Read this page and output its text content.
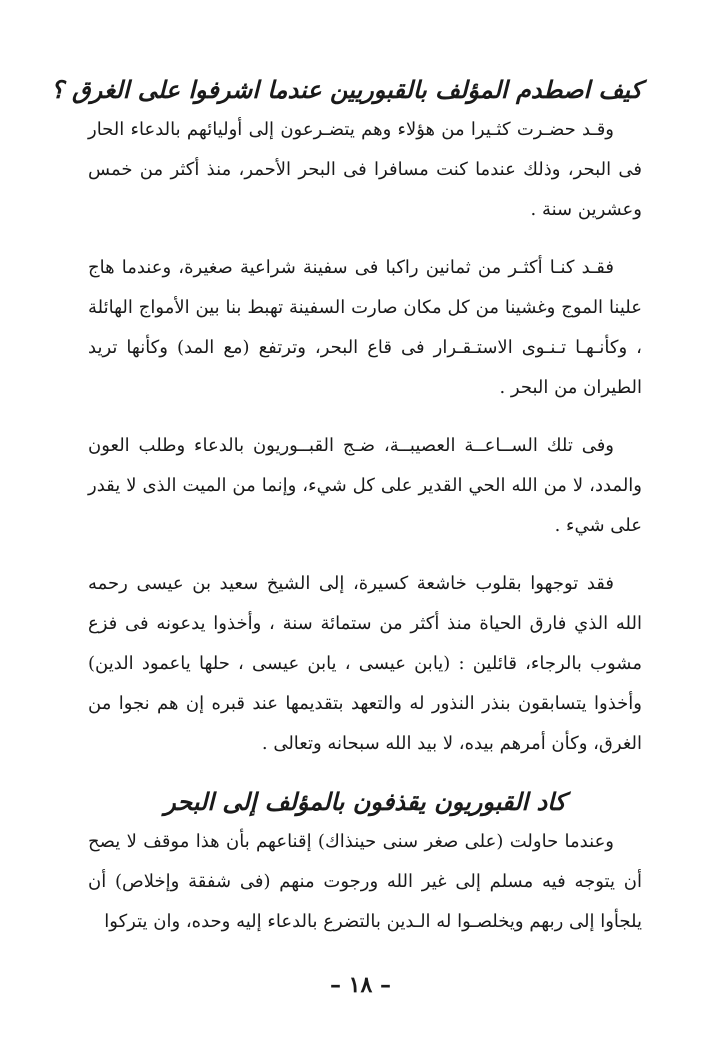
كيف اصطدم المؤلف بالقبوريين عندما اشرفوا على الغرق ؟

وقـد حضـرت كثـيرا من هؤلاء وهم يتضـرعون إلى أوليائهم بالدعاء الحار فى البحر، وذلك عندما كنت مسافرا فى البحر الأحمر، منذ أكثر من خمس وعشرين سنة .

فقـد كنـا أكثـر من ثمانين راكبا فى سفينة شراعية صغيرة، وعندما هاج علينا الموج وغشينا من كل مكان صارت السفينة تهبط بنا بين الأمواج الهائلة ، وكأنـهـا تـنـوى الاستـقـرار فى قاع البحر، وترتفع (مع المد) وكأنها تريد الطيران من البحر .

وفى تلك الســاعــة العصيبــة، ضـج القبــوريون بالدعاء وطلب العون والمدد، لا من الله الحي القدير على كل شيء، وإنما من الميت الذى لا يقدر على شيء .

فقد توجهوا بقلوب خاشعة كسيرة، إلى الشيخ سعيد بن عيسى رحمه الله الذي فارق الحياة منذ أكثر من ستمائة سنة ، وأخذوا يدعونه فى فزع مشوب بالرجاء، قائلين : (يابن عيسى ، يابن عيسى ، حلها ياعمود الدين) وأخذوا يتسابقون بنذر النذور له والتعهد بتقديمها عند قبره إن هم نجوا من الغرق، وكأن أمرهم بيده، لا بيد الله سبحانه وتعالى .

كاد القبوريون يقذفون بالمؤلف إلى البحر

وعندما حاولت (على صغر سنى حينذاك) إقناعهم بأن هذا موقف لا يصح أن يتوجه فيه مسلم إلى غير الله ورجوت منهم (فى شفقة وإخلاص) أن يلجأوا إلى ربهم ويخلصـوا له الـدين بالتضرع بالدعاء إليه وحده، وان يتركوا

– ١٨ –
